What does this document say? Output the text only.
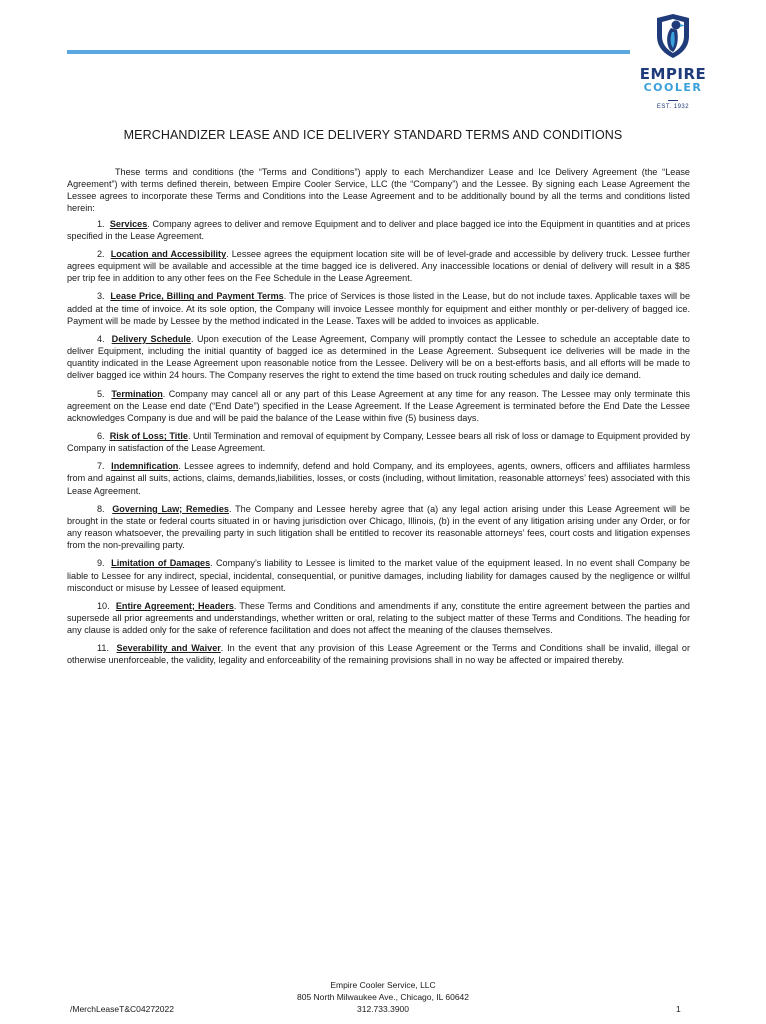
EMPIRE
COOLER
EST. 1932
MERCHANDIZER LEASE AND ICE DELIVERY STANDARD TERMS AND CONDITIONS

These terms and conditions (the “Terms and Conditions”) apply to each Merchandizer Lease and Ice Delivery Agreement (the “Lease Agreement”) with terms defined therein, between Empire Cooler Service, LLC (the “Company”) and the Lessee. By signing each Lease Agreement the Lessee agrees to incorporate these Terms and Conditions into the Lease Agreement and to be additionally bound by all the terms and conditions listed herein:

1. Services. Company agrees to deliver and remove Equipment and to deliver and place bagged ice into the Equipment in quantities and at prices specified in the Lease Agreement.

2. Location and Accessibility. Lessee agrees the equipment location site will be of level-grade and accessible by delivery truck. Lessee further agrees equipment will be available and accessible at the time bagged ice is delivered. Any inaccessible locations or denial of delivery will result in a $85 per trip fee in addition to any other fees on the Fee Schedule in the Lease Agreement.

3. Lease Price, Billing and Payment Terms. The price of Services is those listed in the Lease, but do not include taxes. Applicable taxes will be added at the time of invoice. At its sole option, the Company will invoice Lessee monthly for equipment and either monthly or per-delivery of bagged ice. Payment will be made by Lessee by the method indicated in the Lease. Taxes will be added to invoices as applicable.

4. Delivery Schedule. Upon execution of the Lease Agreement, Company will promptly contact the Lessee to schedule an acceptable date to deliver Equipment, including the initial quantity of bagged ice as determined in the Lease Agreement. Subsequent ice deliveries will be made in the quantity indicated in the Lease Agreement upon reasonable notice from the Lessee. Delivery will be on a best-efforts basis, and all efforts will be made to deliver bagged ice within 24 hours. The Company reserves the right to extend the time based on truck routing schedules and daily ice demand.

5. Termination. Company may cancel all or any part of this Lease Agreement at any time for any reason. The Lessee may only terminate this agreement on the Lease end date (“End Date”) specified in the Lease Agreement. If the Lease Agreement is terminated before the End Date the Lessee acknowledges Company is due and will be paid the balance of the Lease within five (5) business days.

6. Risk of Loss; Title. Until Termination and removal of equipment by Company, Lessee bears all risk of loss or damage to Equipment provided by Company in satisfaction of the Lease Agreement.

7. Indemnification. Lessee agrees to indemnify, defend and hold Company, and its employees, agents, owners, officers and affiliates harmless from and against all suits, actions, claims, demands,liabilities, losses, or costs (including, without limitation, reasonable attorneys’ fees) associated with this Lease Agreement.

8. Governing Law; Remedies. The Company and Lessee hereby agree that (a) any legal action arising under this Lease Agreement will be brought in the state or federal courts situated in or having jurisdiction over Chicago, Illinois, (b) in the event of any litigation arising under any Order, or for any reason whatsoever, the prevailing party in such litigation shall be entitled to recover its reasonable attorneys’ fees, court costs and litigation expenses from the non-prevailing party.

9. Limitation of Damages. Company’s liability to Lessee is limited to the market value of the equipment leased. In no event shall Company be liable to Lessee for any indirect, special, incidental, consequential, or punitive damages, including liability for damages caused by the negligence or willful misconduct or misuse by Lessee of leased equipment.

10. Entire Agreement; Headers. These Terms and Conditions and amendments if any, constitute the entire agreement between the parties and supersede all prior agreements and understandings, whether written or oral, relating to the subject matter of these Terms and Conditions. The heading for any clause is added only for the sake of reference facilitation and does not affect the meaning of the clauses themselves.

11. Severability and Waiver. In the event that any provision of this Lease Agreement or the Terms and Conditions shall be invalid, illegal or otherwise unenforceable, the validity, legality and enforceability of the remaining provisions shall in no way be affected or impaired thereby.

Empire Cooler Service, LLC
805 North Milwaukee Ave., Chicago, IL 60642
312.733.3900
/MerchLeaseT&C04272022	1
